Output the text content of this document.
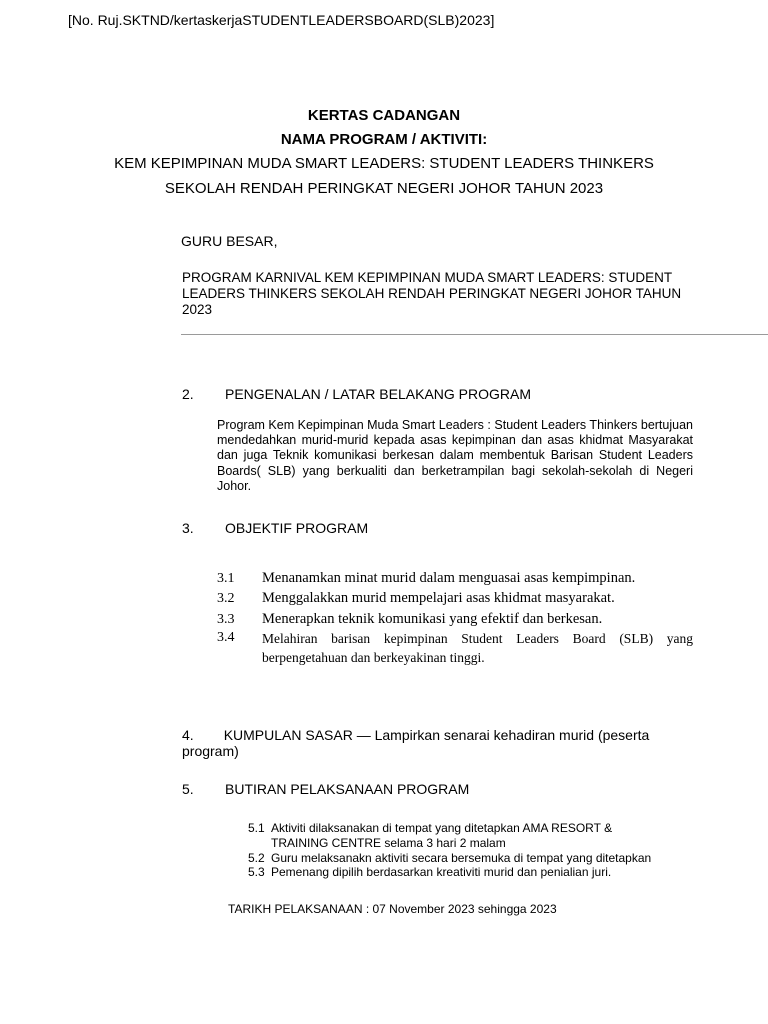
[No. Ruj.SKTND/kertaskerjaSTUDENTLEADERSBOARD(SLB)2023]
KERTAS CADANGAN
NAMA PROGRAM / AKTIVITI:
KEM KEPIMPINAN MUDA SMART LEADERS: STUDENT LEADERS THINKERS
SEKOLAH RENDAH PERINGKAT NEGERI JOHOR TAHUN 2023
GURU BESAR,
PROGRAM KARNIVAL KEM KEPIMPINAN MUDA SMART LEADERS: STUDENT LEADERS THINKERS SEKOLAH RENDAH PERINGKAT NEGERI JOHOR TAHUN 2023
2. PENGENALAN / LATAR BELAKANG PROGRAM
Program Kem Kepimpinan Muda Smart Leaders : Student Leaders Thinkers bertujuan mendedahkan murid-murid kepada asas kepimpinan dan asas khidmat Masyarakat dan juga Teknik komunikasi berkesan dalam membentuk Barisan Student Leaders Boards( SLB) yang berkualiti dan berketrampilan bagi sekolah-sekolah di Negeri Johor.
3. OBJEKTIF PROGRAM
3.1 Menanamkan minat murid dalam menguasai asas kempimpinan.
3.2 Menggalakkan murid mempelajari asas khidmat masyarakat.
3.3 Menerapkan teknik komunikasi yang efektif dan berkesan.
3.4 Melahiran barisan kepimpinan Student Leaders Board (SLB) yang berpengetahuan dan berkeyakinan tinggi.
4. KUMPULAN SASAR — Lampirkan senarai kehadiran murid (peserta program)
5. BUTIRAN PELAKSANAAN PROGRAM
5.1 Aktiviti dilaksanakan di tempat yang ditetapkan AMA RESORT &
TRAINING CENTRE selama 3 hari 2 malam
5.2 Guru melaksanakn aktiviti secara bersemuka di tempat yang ditetapkan
5.3 Pemenang dipilih berdasarkan kreativiti murid dan penialian juri.
TARIKH PELAKSANAAN : 07 November 2023 sehingga 2023
